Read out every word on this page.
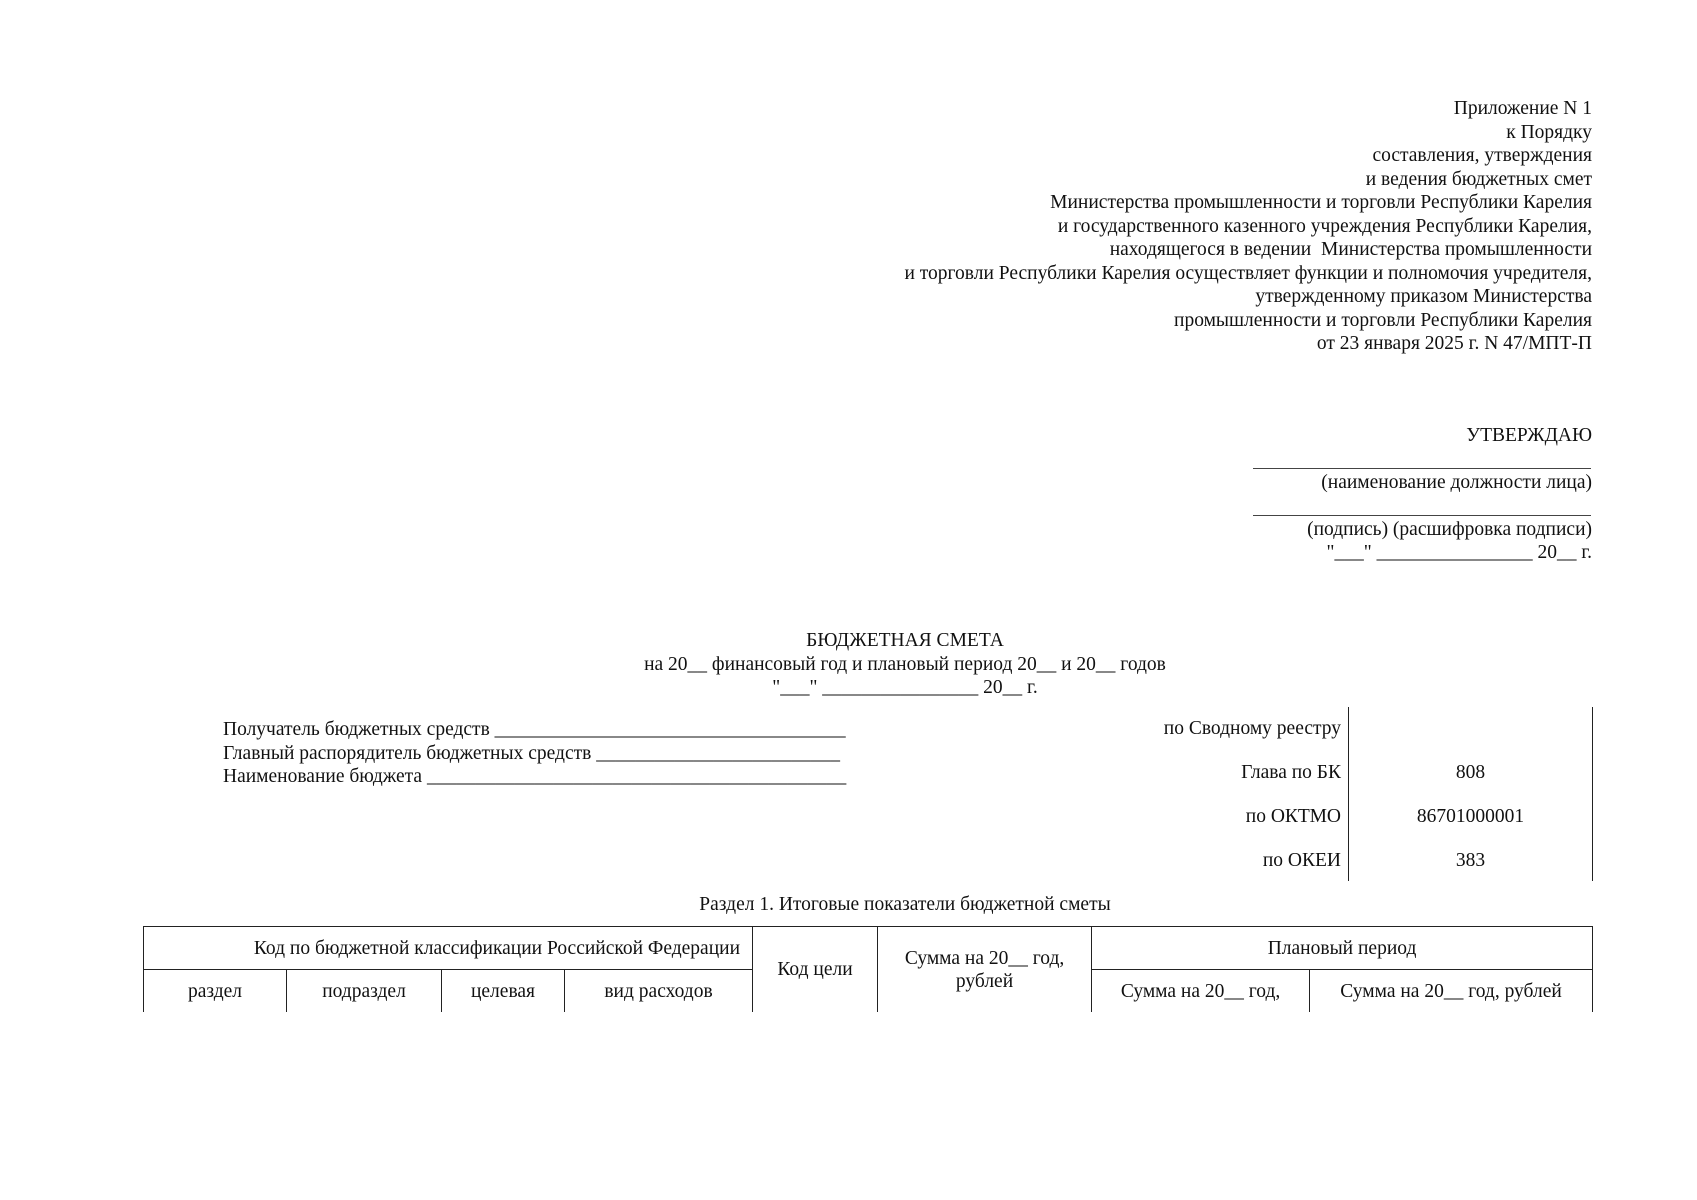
Приложение N 1
к Порядку
составления, утверждения
и ведения бюджетных смет
Министерства промышленности и торговли Республики Карелия
и государственного казенного учреждения Республики Карелия,
находящегося в ведении  Министерства промышленности
и торговли Республики Карелия осуществляет функции и полномочия учредителя,
утвержденному приказом Министерства
промышленности и торговли Республики Карелия
от 23 января 2025 г. N 47/МПТ-П
УТВЕРЖДАЮ
(наименование должности лица)
(подпись) (расшифровка подписи)
"___" ________________ 20__ г.
БЮДЖЕТНАЯ СМЕТА
на 20__ финансовый год и плановый период 20__ и 20__ годов
"___" ________________ 20__ г.
Получатель бюджетных средств ____________________________________
Главный распорядитель бюджетных средств _________________________
Наименование бюджета ___________________________________________
по Сводному реестру
Глава по БК	808
по ОКТМО	86701000001
по ОКЕИ	383
Раздел 1. Итоговые показатели бюджетной сметы
Код по бюджетной классификации Российской Федерации				Код цели	Сумма на 20__ год, рублей	Плановый период	
раздел	подраздел	целевая	вид расходов			Сумма на 20__ год,	Сумма на 20__ год, рублей
